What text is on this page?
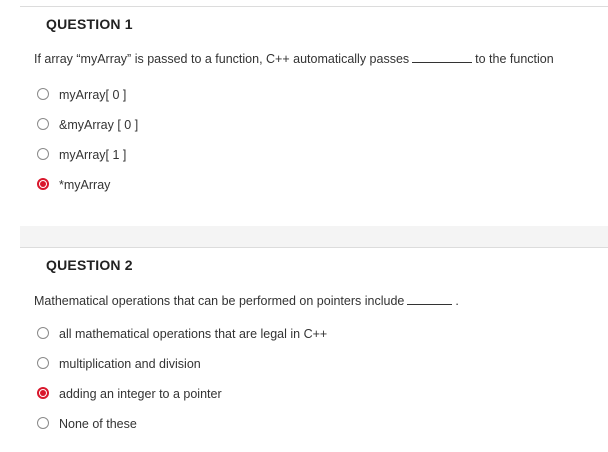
QUESTION 1
If array “myArray” is passed to a function, C++ automatically passes	to the function
myArray[ 0 ]
&myArray [ 0 ]
myArray[ 1 ]
*myArray
QUESTION 2
Mathematical operations that can be performed on pointers include	.
all mathematical operations that are legal in C++
multiplication and division
adding an integer to a pointer
None of these
